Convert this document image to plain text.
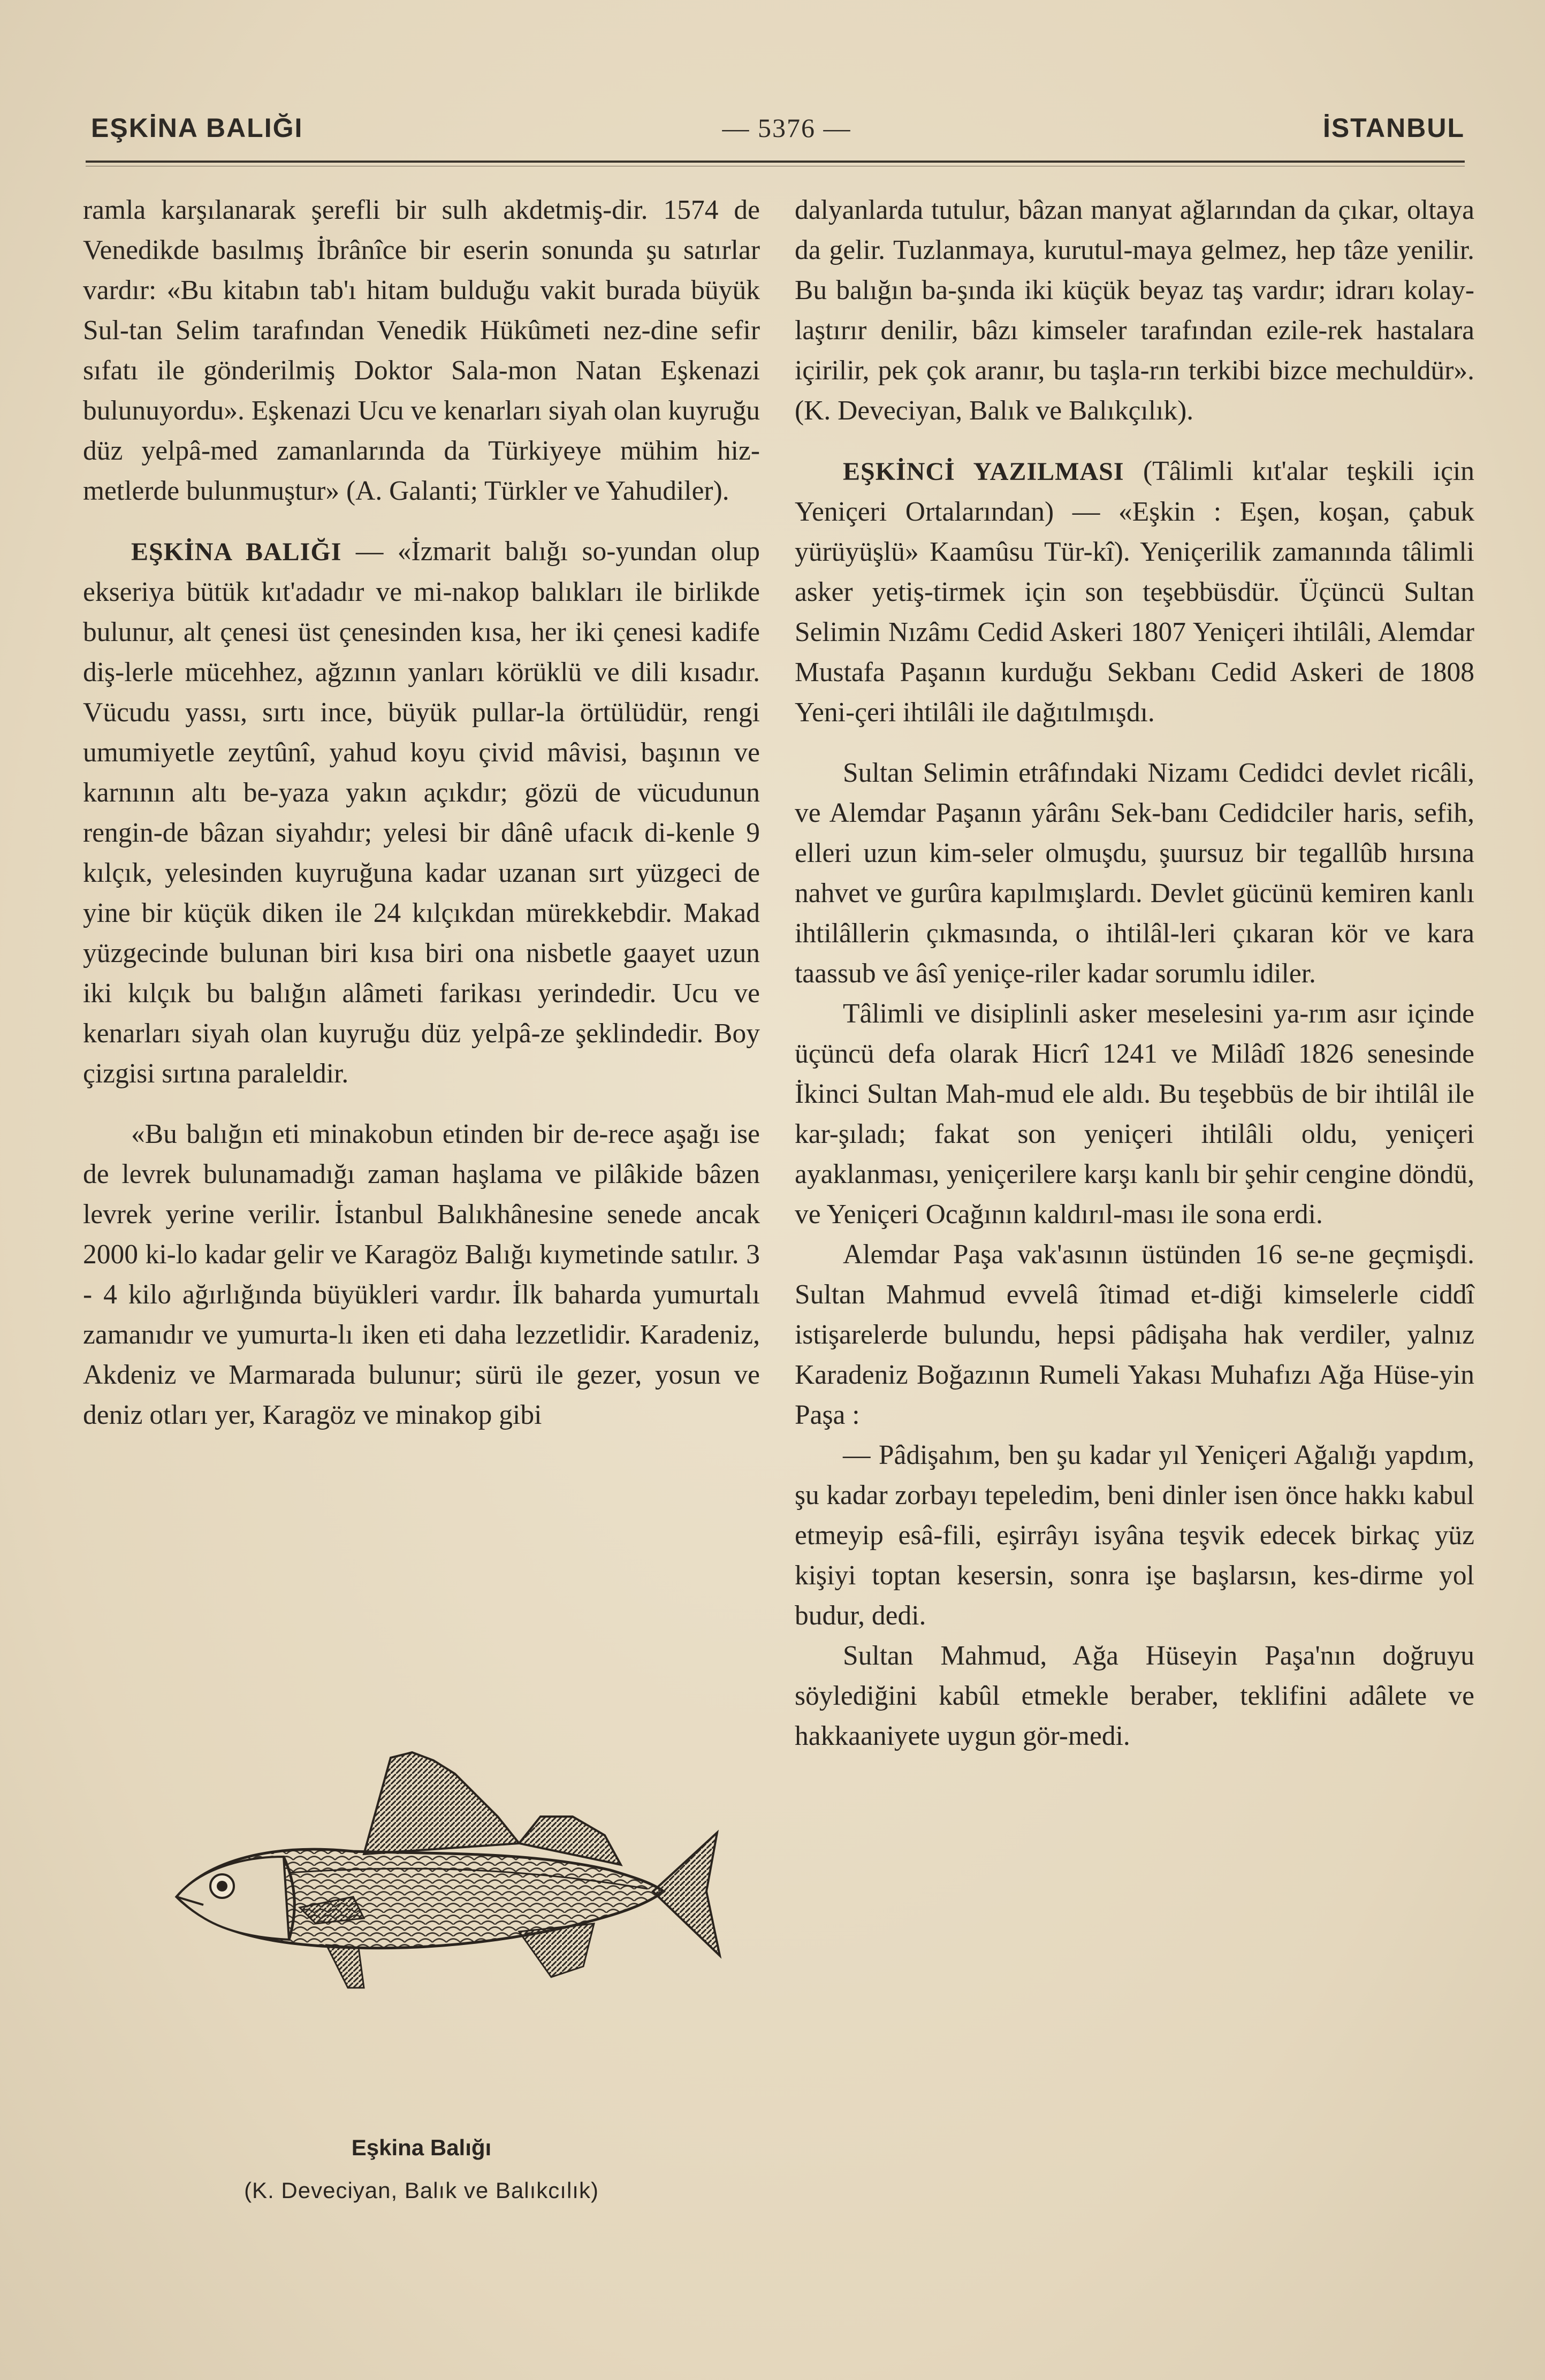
EŞKİNA BALIĞI	— 5376 —	İSTANBUL

ramla karşılanarak şerefli bir sulh akdetmiş-dir. 1574 de Venedikde basılmış İbrânîce bir eserin sonunda şu satırlar vardır: «Bu kitabın tab'ı hitam bulduğu vakit burada büyük Sul-tan Selim tarafından Venedik Hükûmeti nez-dine sefir sıfatı ile gönderilmiş Doktor Sala-mon Natan Eşkenazi bulunuyordu». Eşkenazi Ucu ve kenarları siyah olan kuyruğu düz yelpâ-med zamanlarında da Türkiyeye mühim hiz-metlerde bulunmuştur» (A. Galanti; Türkler ve Yahudiler).

EŞKİNA BALIĞI — «İzmarit balığı so-yundan olup ekseriya bütük kıt'adadır ve mi-nakop balıkları ile birlikde bulunur, alt çenesi üst çenesinden kısa, her iki çenesi kadife diş-lerle mücehhez, ağzının yanları körüklü ve dili kısadır. Vücudu yassı, sırtı ince, büyük pullar-la örtülüdür, rengi umumiyetle zeytûnî, yahud koyu çivid mâvisi, başının ve karnının altı be-yaza yakın açıkdır; gözü de vücudunun rengin-de bâzan siyahdır; yelesi bir dânê ufacık di-kenle 9 kılçık, yelesinden kuyruğuna kadar uzanan sırt yüzgeci de yine bir küçük diken ile 24 kılçıkdan mürekkebdir. Makad yüzgecinde bulunan biri kısa biri ona nisbetle gaayet uzun iki kılçık bu balığın alâmeti farikası yerindedir. Ucu ve kenarları siyah olan kuyruğu düz yelpâ-ze şeklindedir. Boy çizgisi sırtına paraleldir.

«Bu balığın eti minakobun etinden bir de-rece aşağı ise de levrek bulunamadığı zaman haşlama ve pilâkide bâzen levrek yerine verilir. İstanbul Balıkhânesine senede ancak 2000 ki-lo kadar gelir ve Karagöz Balığı kıymetinde satılır. 3 - 4 kilo ağırlığında büyükleri vardır. İlk baharda yumurtalı zamanıdır ve yumurta-lı iken eti daha lezzetlidir. Karadeniz, Akdeniz ve Marmarada bulunur; sürü ile gezer, yosun ve deniz otları yer, Karagöz ve minakop gibi

Eşkina Balığı
(K. Deveciyan, Balık ve Balıkcılık)

dalyanlarda tutulur, bâzan manyat ağlarından da çıkar, oltaya da gelir. Tuzlanmaya, kurutul-maya gelmez, hep tâze yenilir. Bu balığın ba-şında iki küçük beyaz taş vardır; idrarı kolay-laştırır denilir, bâzı kimseler tarafından ezile-rek hastalara içirilir, pek çok aranır, bu taşla-rın terkibi bizce mechuldür». (K. Deveciyan, Balık ve Balıkçılık).

EŞKİNCİ YAZILMASI (Tâlimli kıt'alar teşkili için Yeniçeri Ortalarından) — «Eşkin : Eşen, koşan, çabuk yürüyüşlü» Kaamûsu Tür-kî). Yeniçerilik zamanında tâlimli asker yetiş-tirmek için son teşebbüsdür. Üçüncü Sultan Selimin Nızâmı Cedid Askeri 1807 Yeniçeri ihtilâli, Alemdar Mustafa Paşanın kurduğu Sekbanı Cedid Askeri de 1808 Yeni-çeri ihtilâli ile dağıtılmışdı.

Sultan Selimin etrâfındaki Nizamı Cedidci devlet ricâli, ve Alemdar Paşanın yârânı Sek-banı Cedidciler haris, sefih, elleri uzun kim-seler olmuşdu, şuursuz bir tegallûb hırsına nahvet ve gurûra kapılmışlardı. Devlet gücünü kemiren kanlı ihtilâllerin çıkmasında, o ihtilâl-leri çıkaran kör ve kara taassub ve âsî yeniçe-riler kadar sorumlu idiler.

Tâlimli ve disiplinli asker meselesini ya-rım asır içinde üçüncü defa olarak Hicrî 1241 ve Milâdî 1826 senesinde İkinci Sultan Mah-mud ele aldı. Bu teşebbüs de bir ihtilâl ile kar-şıladı; fakat son yeniçeri ihtilâli oldu, yeniçeri ayaklanması, yeniçerilere karşı kanlı bir şehir cengine döndü, ve Yeniçeri Ocağının kaldırıl-ması ile sona erdi.

Alemdar Paşa vak'asının üstünden 16 se-ne geçmişdi. Sultan Mahmud evvelâ îtimad et-diği kimselerle ciddî istişarelerde bulundu, hepsi pâdişaha hak verdiler, yalnız Karadeniz Boğazının Rumeli Yakası Muhafızı Ağa Hüse-yin Paşa :

— Pâdişahım, ben şu kadar yıl Yeniçeri Ağalığı yapdım, şu kadar zorbayı tepeledim, beni dinler isen önce hakkı kabul etmeyip esâ-fili, eşirrâyı isyâna teşvik edecek birkaç yüz kişiyi toptan kesersin, sonra işe başlarsın, kes-dirme yol budur, dedi.

Sultan Mahmud, Ağa Hüseyin Paşa'nın doğruyu söylediğini kabûl etmekle beraber, teklifini adâlete ve hakkaaniyete uygun gör-medi.
